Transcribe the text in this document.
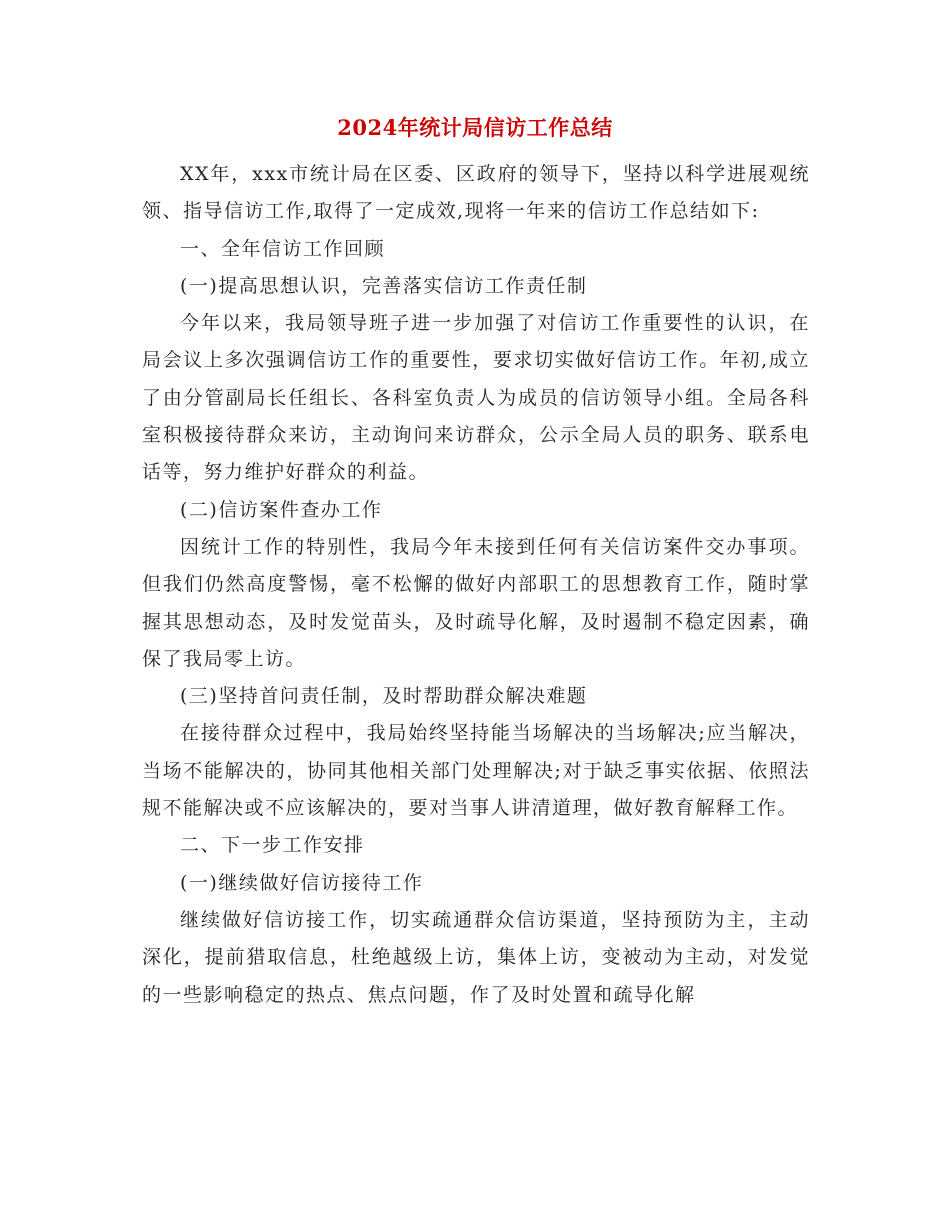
2024年统计局信访工作总结

XX年，xxx市统计局在区委、区政府的领导下，坚持以科学进展观统领、指导信访工作,取得了一定成效,现将一年来的信访工作总结如下:

一、全年信访工作回顾

(一)提高思想认识，完善落实信访工作责任制

今年以来，我局领导班子进一步加强了对信访工作重要性的认识，在局会议上多次强调信访工作的重要性，要求切实做好信访工作。年初,成立了由分管副局长任组长、各科室负责人为成员的信访领导小组。全局各科室积极接待群众来访，主动询问来访群众，公示全局人员的职务、联系电话等，努力维护好群众的利益。

(二)信访案件查办工作

因统计工作的特别性，我局今年未接到任何有关信访案件交办事项。但我们仍然高度警惕，毫不松懈的做好内部职工的思想教育工作，随时掌握其思想动态，及时发觉苗头，及时疏导化解，及时遏制不稳定因素，确保了我局零上访。

(三)坚持首问责任制，及时帮助群众解决难题

在接待群众过程中，我局始终坚持能当场解决的当场解决;应当解决，当场不能解决的，协同其他相关部门处理解决;对于缺乏事实依据、依照法规不能解决或不应该解决的，要对当事人讲清道理，做好教育解释工作。

二、下一步工作安排

(一)继续做好信访接待工作

继续做好信访接工作，切实疏通群众信访渠道，坚持预防为主，主动深化，提前猎取信息，杜绝越级上访，集体上访，变被动为主动，对发觉的一些影响稳定的热点、焦点问题，作了及时处置和疏导化解
